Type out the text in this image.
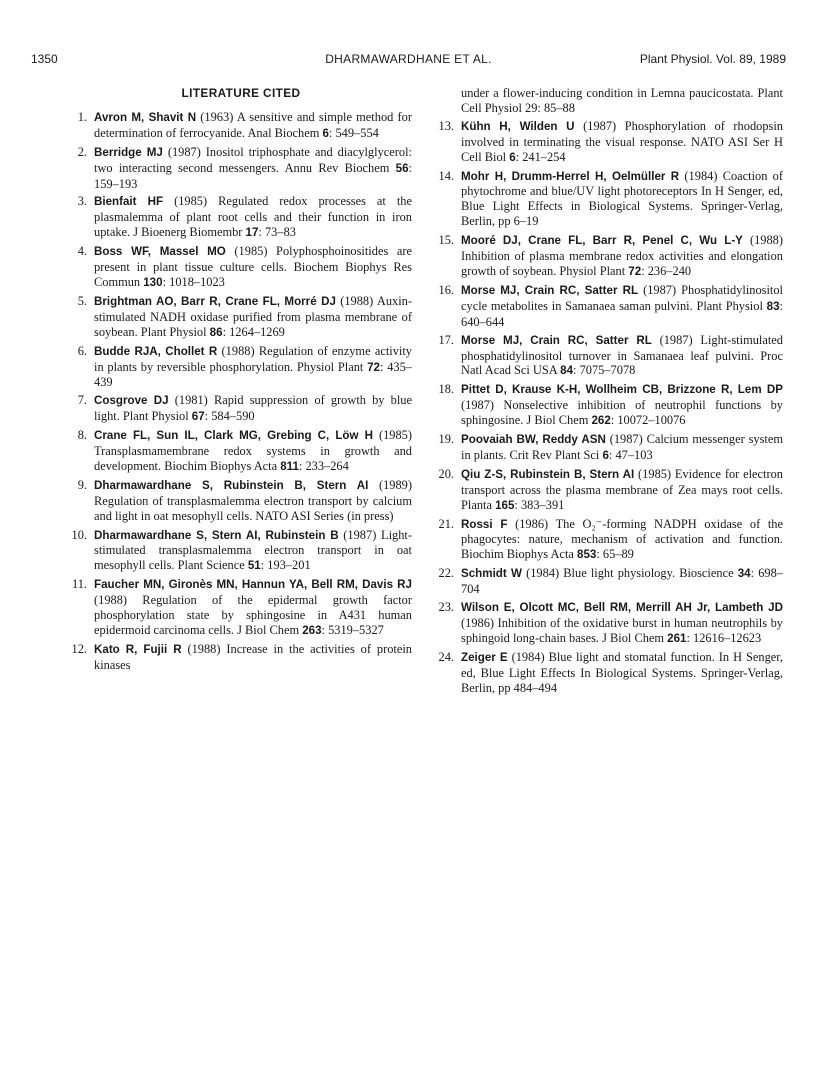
1350	DHARMAWARDHANE ET AL.	Plant Physiol. Vol. 89, 1989
LITERATURE CITED
1. Avron M, Shavit N (1963) A sensitive and simple method for determination of ferrocyanide. Anal Biochem 6: 549–554
2. Berridge MJ (1987) Inositol triphosphate and diacylglycerol: two interacting second messengers. Annu Rev Biochem 56: 159–193
3. Bienfait HF (1985) Regulated redox processes at the plasmalemma of plant root cells and their function in iron uptake. J Bioenerg Biomembr 17: 73–83
4. Boss WF, Massel MO (1985) Polyphosphoinositides are present in plant tissue culture cells. Biochem Biophys Res Commun 130: 1018–1023
5. Brightman AO, Barr R, Crane FL, Morré DJ (1988) Auxin-stimulated NADH oxidase purified from plasma membrane of soybean. Plant Physiol 86: 1264–1269
6. Budde RJA, Chollet R (1988) Regulation of enzyme activity in plants by reversible phosphorylation. Physiol Plant 72: 435–439
7. Cosgrove DJ (1981) Rapid suppression of growth by blue light. Plant Physiol 67: 584–590
8. Crane FL, Sun IL, Clark MG, Grebing C, Löw H (1985) Transplasmamembrane redox systems in growth and development. Biochim Biophys Acta 811: 233–264
9. Dharmawardhane S, Rubinstein B, Stern AI (1989) Regulation of transplasmalemma electron transport by calcium and light in oat mesophyll cells. NATO ASI Series (in press)
10. Dharmawardhane S, Stern AI, Rubinstein B (1987) Light-stimulated transplasmalemma electron transport in oat mesophyll cells. Plant Science 51: 193–201
11. Faucher MN, Gironès MN, Hannun YA, Bell RM, Davis RJ (1988) Regulation of the epidermal growth factor phosphorylation state by sphingosine in A431 human epidermoid carcinoma cells. J Biol Chem 263: 5319–5327
12. Kato R, Fujii R (1988) Increase in the activities of protein kinases
under a flower-inducing condition in Lemna paucicostata. Plant Cell Physiol 29: 85–88
13. Kühn H, Wilden U (1987) Phosphorylation of rhodopsin involved in terminating the visual response. NATO ASI Ser H Cell Biol 6: 241–254
14. Mohr H, Drumm-Herrel H, Oelmüller R (1984) Coaction of phytochrome and blue/UV light photoreceptors In H Senger, ed, Blue Light Effects in Biological Systems. Springer-Verlag, Berlin, pp 6–19
15. Mooré DJ, Crane FL, Barr R, Penel C, Wu L-Y (1988) Inhibition of plasma membrane redox activities and elongation growth of soybean. Physiol Plant 72: 236–240
16. Morse MJ, Crain RC, Satter RL (1987) Phosphatidylinositol cycle metabolites in Samanaea saman pulvini. Plant Physiol 83: 640–644
17. Morse MJ, Crain RC, Satter RL (1987) Light-stimulated phosphatidylinositol turnover in Samanaea leaf pulvini. Proc Natl Acad Sci USA 84: 7075–7078
18. Pittet D, Krause K-H, Wollheim CB, Brizzone R, Lem DP (1987) Nonselective inhibition of neutrophil functions by sphingosine. J Biol Chem 262: 10072–10076
19. Poovaiah BW, Reddy ASN (1987) Calcium messenger system in plants. Crit Rev Plant Sci 6: 47–103
20. Qiu Z-S, Rubinstein B, Stern AI (1985) Evidence for electron transport across the plasma membrane of Zea mays root cells. Planta 165: 383–391
21. Rossi F (1986) The O₂⁻-forming NADPH oxidase of the phagocytes: nature, mechanism of activation and function. Biochim Biophys Acta 853: 65–89
22. Schmidt W (1984) Blue light physiology. Bioscience 34: 698–704
23. Wilson E, Olcott MC, Bell RM, Merrill AH Jr, Lambeth JD (1986) Inhibition of the oxidative burst in human neutrophils by sphingoid long-chain bases. J Biol Chem 261: 12616–12623
24. Zeiger E (1984) Blue light and stomatal function. In H Senger, ed, Blue Light Effects In Biological Systems. Springer-Verlag, Berlin, pp 484–494
